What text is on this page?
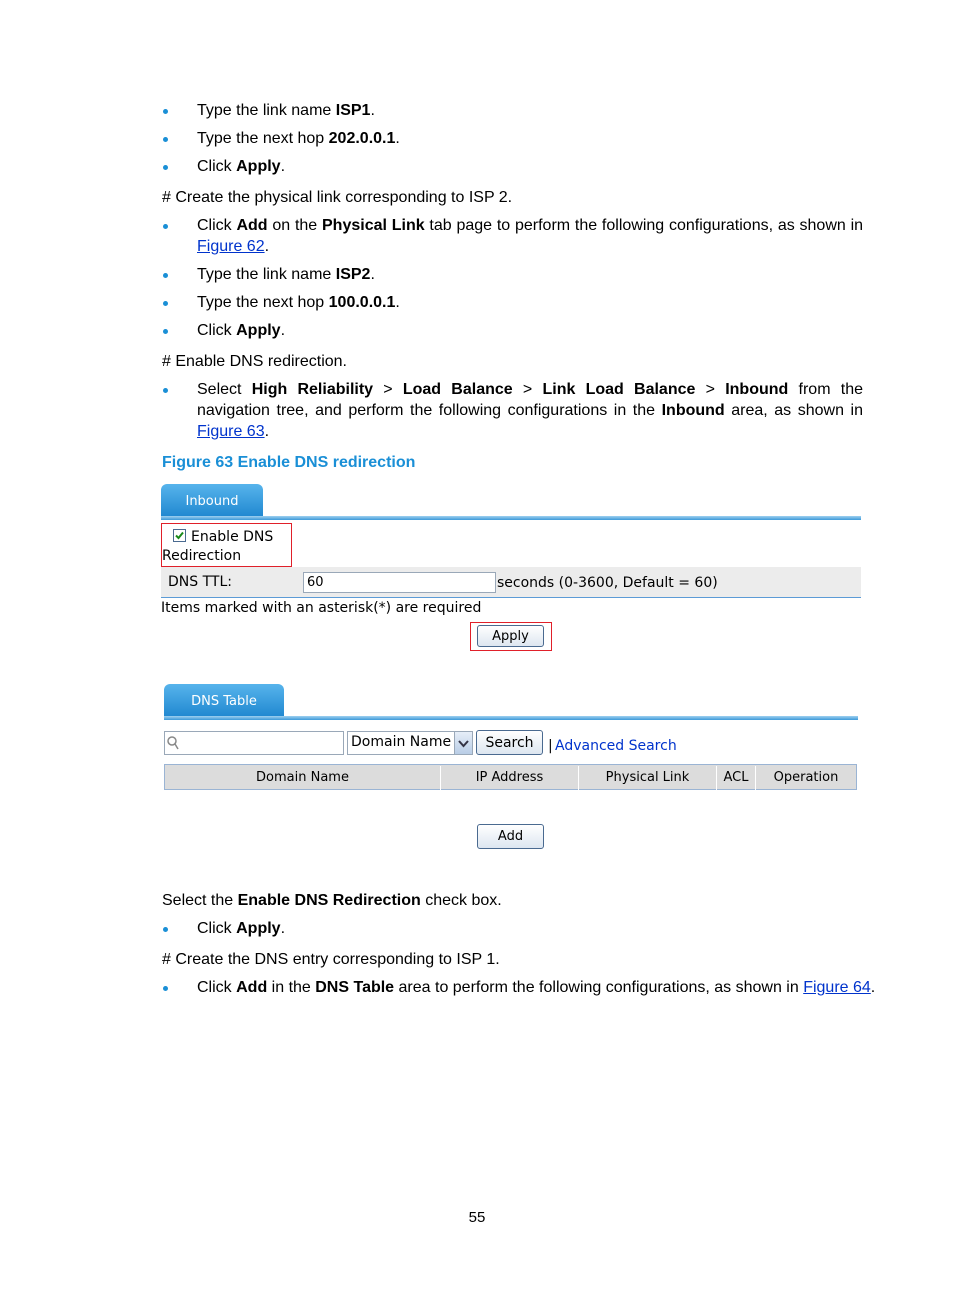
Type the link name ISP1.
Type the next hop 202.0.0.1.
Click Apply.
# Create the physical link corresponding to ISP 2.
Click Add on the Physical Link tab page to perform the following configurations, as shown in Figure 62.
Type the link name ISP2.
Type the next hop 100.0.0.1.
Click Apply.
# Enable DNS redirection.
Select High Reliability > Load Balance > Link Load Balance > Inbound from the navigation tree, and perform the following configurations in the Inbound area, as shown in Figure 63.
Figure 63 Enable DNS redirection
Inbound
Enable DNS
Redirection
DNS TTL:	60	seconds (0-3600, Default = 60)
Items marked with an asterisk(*) are required
Apply
DNS Table
Domain Name	Search	| Advanced Search
Domain Name	IP Address	Physical Link	ACL	Operation
Add
Select the Enable DNS Redirection check box.
Click Apply.
# Create the DNS entry corresponding to ISP 1.
Click Add in the DNS Table area to perform the following configurations, as shown in Figure 64.
55
